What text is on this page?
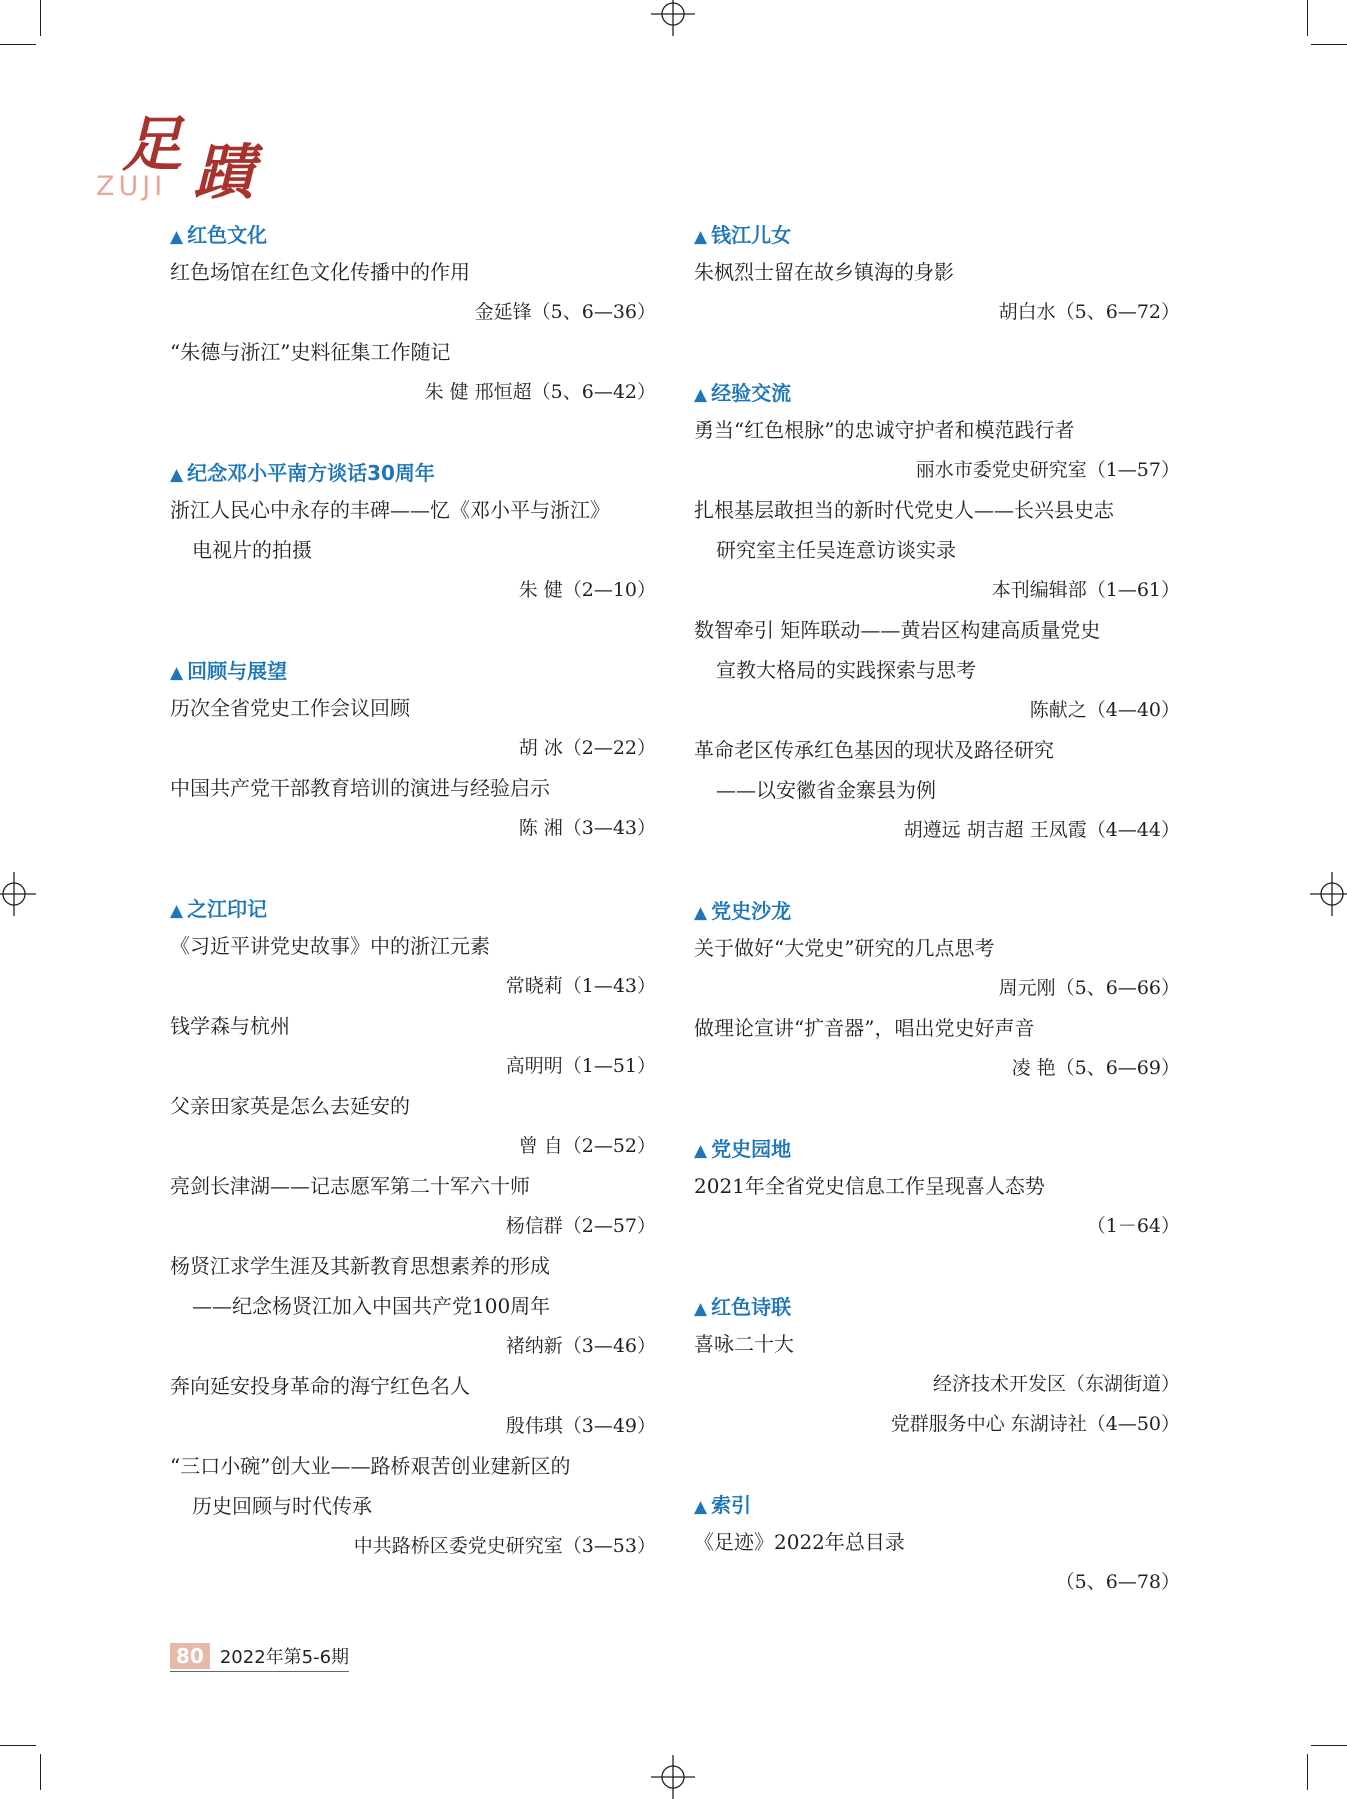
足 蹟
ZUJI
▲ 红色文化
红色场馆在红色文化传播中的作用
金延锋（5、6—36）
“朱德与浙江”史料征集工作随记
朱 健 邢恒超（5、6—42）
▲ 纪念邓小平南方谈话30周年
浙江人民心中永存的丰碑——忆《邓小平与浙江》
电视片的拍摄
朱 健（2—10）
▲ 回顾与展望
历次全省党史工作会议回顾
胡 冰（2—22）
中国共产党干部教育培训的演进与经验启示
陈 湘（3—43）
▲ 之江印记
《习近平讲党史故事》中的浙江元素
常晓莉（1—43）
钱学森与杭州
高明明（1—51）
父亲田家英是怎么去延安的
曾 自（2—52）
亮剑长津湖——记志愿军第二十军六十师
杨信群（2—57）
杨贤江求学生涯及其新教育思想素养的形成
——纪念杨贤江加入中国共产党100周年
褚纳新（3—46）
奔向延安投身革命的海宁红色名人
殷伟琪（3—49）
“三口小碗”创大业——路桥艰苦创业建新区的
历史回顾与时代传承
中共路桥区委党史研究室（3—53）
▲ 钱江儿女
朱枫烈士留在故乡镇海的身影
胡白水（5、6—72）
▲ 经验交流
勇当“红色根脉”的忠诚守护者和模范践行者
丽水市委党史研究室（1—57）
扎根基层敢担当的新时代党史人——长兴县史志
研究室主任吴连意访谈实录
本刊编辑部（1—61）
数智牵引 矩阵联动——黄岩区构建高质量党史
宣教大格局的实践探索与思考
陈献之（4—40）
革命老区传承红色基因的现状及路径研究
——以安徽省金寨县为例
胡遵远 胡吉超 王凤霞（4—44）
▲ 党史沙龙
关于做好“大党史”研究的几点思考
周元刚（5、6—66）
做理论宣讲“扩音器”，唱出党史好声音
凌 艳（5、6—69）
▲ 党史园地
2021年全省党史信息工作呈现喜人态势
（1－64）
▲ 红色诗联
喜咏二十大
经济技术开发区（东湖街道）
党群服务中心 东湖诗社（4—50）
▲ 索引
《足迹》2022年总目录
（5、6—78）
80 2022年第5-6期
